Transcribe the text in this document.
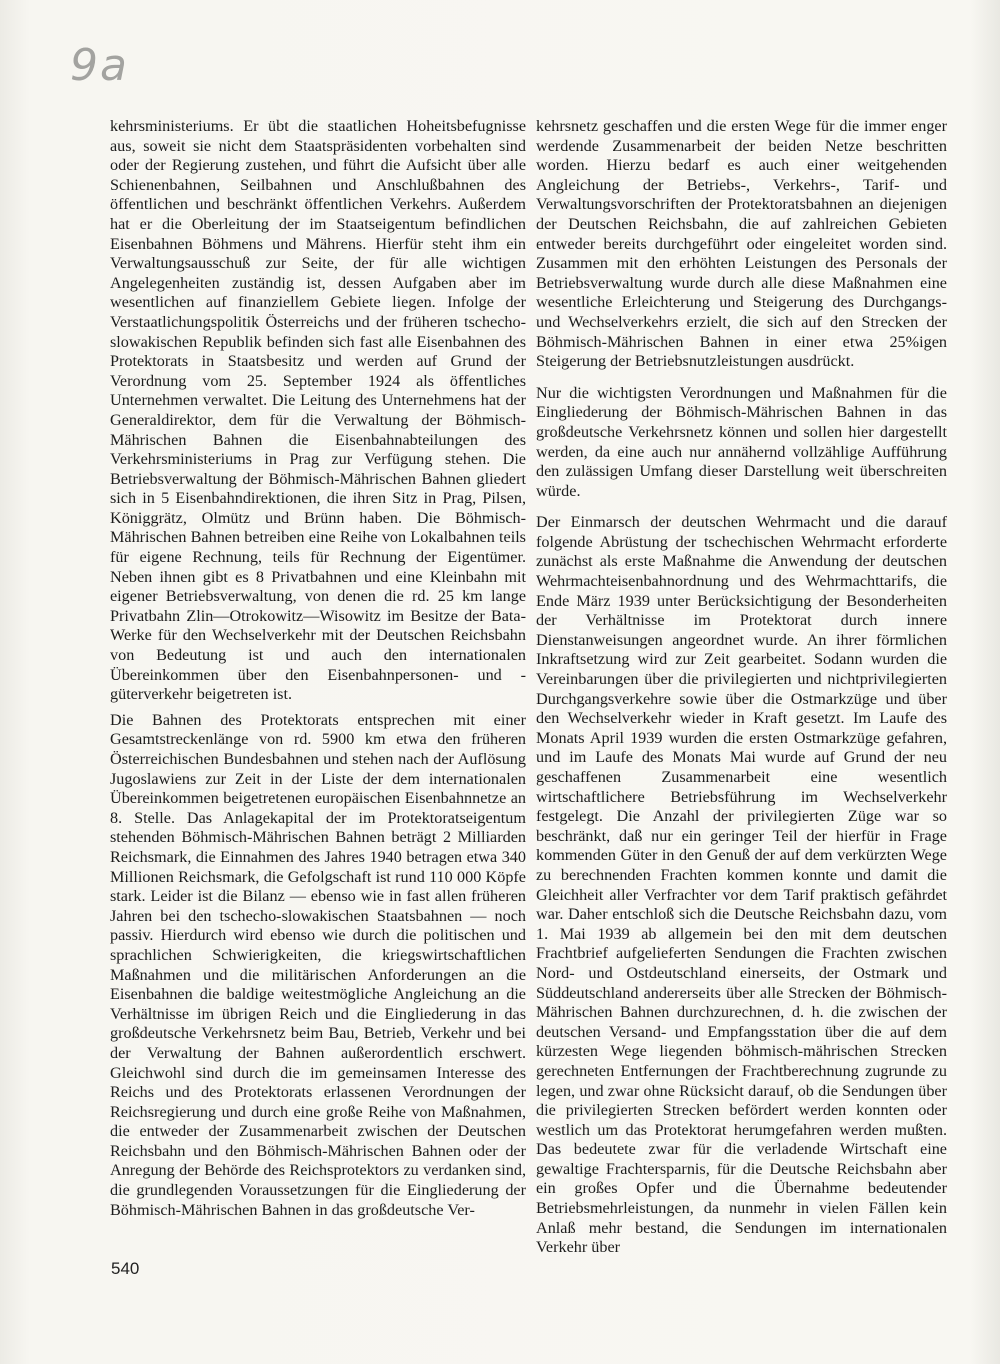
9a

kehrsministeriums. Er übt die staatlichen Hoheitsbefugnisse aus, soweit sie nicht dem Staatspräsidenten vorbehalten sind oder der Regierung zustehen, und führt die Aufsicht über alle Schienenbahnen, Seilbahnen und Anschlußbahnen des öffentlichen und beschränkt öffentlichen Verkehrs. Außerdem hat er die Oberleitung der im Staatseigentum befindlichen Eisenbahnen Böhmens und Mährens. Hierfür steht ihm ein Verwaltungsausschuß zur Seite, der für alle wichtigen Angelegenheiten zuständig ist, dessen Aufgaben aber im wesentlichen auf finanziellem Gebiete liegen. Infolge der Verstaatlichungspolitik Österreichs und der früheren tschecho-slowakischen Republik befinden sich fast alle Eisenbahnen des Protektorats in Staatsbesitz und werden auf Grund der Verordnung vom 25. September 1924 als öffentliches Unternehmen verwaltet. Die Leitung des Unternehmens hat der Generaldirektor, dem für die Verwaltung der Böhmisch-Mährischen Bahnen die Eisenbahnabteilungen des Verkehrsministeriums in Prag zur Verfügung stehen. Die Betriebsverwaltung der Böhmisch-Mährischen Bahnen gliedert sich in 5 Eisenbahndirektionen, die ihren Sitz in Prag, Pilsen, Königgrätz, Olmütz und Brünn haben. Die Böhmisch-Mährischen Bahnen betreiben eine Reihe von Lokalbahnen teils für eigene Rechnung, teils für Rechnung der Eigentümer. Neben ihnen gibt es 8 Privatbahnen und eine Kleinbahn mit eigener Betriebsverwaltung, von denen die rd. 25 km lange Privatbahn Zlin—Otrokowitz—Wisowitz im Besitze der Bata-Werke für den Wechselverkehr mit der Deutschen Reichsbahn von Bedeutung ist und auch den internationalen Übereinkommen über den Eisenbahnpersonen- und -güterverkehr beigetreten ist.

Die Bahnen des Protektorats entsprechen mit einer Gesamtstreckenlänge von rd. 5900 km etwa den früheren Österreichischen Bundesbahnen und stehen nach der Auflösung Jugoslawiens zur Zeit in der Liste der dem internationalen Übereinkommen beigetretenen europäischen Eisenbahnnetze an 8. Stelle. Das Anlagekapital der im Protektoratseigentum stehenden Böhmisch-Mährischen Bahnen beträgt 2 Milliarden Reichsmark, die Einnahmen des Jahres 1940 betragen etwa 340 Millionen Reichsmark, die Gefolgschaft ist rund 110 000 Köpfe stark. Leider ist die Bilanz — ebenso wie in fast allen früheren Jahren bei den tschecho-slowakischen Staatsbahnen — noch passiv. Hierdurch wird ebenso wie durch die politischen und sprachlichen Schwierigkeiten, die kriegswirtschaftlichen Maßnahmen und die militärischen Anforderungen an die Eisenbahnen die baldige weitestmögliche Angleichung an die Verhältnisse im übrigen Reich und die Eingliederung in das großdeutsche Verkehrsnetz beim Bau, Betrieb, Verkehr und bei der Verwaltung der Bahnen außerordentlich erschwert. Gleichwohl sind durch die im gemeinsamen Interesse des Reichs und des Protektorats erlassenen Verordnungen der Reichsregierung und durch eine große Reihe von Maßnahmen, die entweder der Zusammenarbeit zwischen der Deutschen Reichsbahn und den Böhmisch-Mährischen Bahnen oder der Anregung der Behörde des Reichsprotektors zu verdanken sind, die grundlegenden Voraussetzungen für die Eingliederung der Böhmisch-Mährischen Bahnen in das großdeutsche Ver-

kehrsnetz geschaffen und die ersten Wege für die immer enger werdende Zusammenarbeit der beiden Netze beschritten worden. Hierzu bedarf es auch einer weitgehenden Angleichung der Betriebs-, Verkehrs-, Tarif- und Verwaltungsvorschriften der Protektoratsbahnen an diejenigen der Deutschen Reichsbahn, die auf zahlreichen Gebieten entweder bereits durchgeführt oder eingeleitet worden sind. Zusammen mit den erhöhten Leistungen des Personals der Betriebsverwaltung wurde durch alle diese Maßnahmen eine wesentliche Erleichterung und Steigerung des Durchgangs- und Wechselverkehrs erzielt, die sich auf den Strecken der Böhmisch-Mährischen Bahnen in einer etwa 25%igen Steigerung der Betriebsnutzleistungen ausdrückt.

Nur die wichtigsten Verordnungen und Maßnahmen für die Eingliederung der Böhmisch-Mährischen Bahnen in das großdeutsche Verkehrsnetz können und sollen hier dargestellt werden, da eine auch nur annähernd vollzählige Aufführung den zulässigen Umfang dieser Darstellung weit überschreiten würde.

Der Einmarsch der deutschen Wehrmacht und die darauf folgende Abrüstung der tschechischen Wehrmacht erforderte zunächst als erste Maßnahme die Anwendung der deutschen Wehrmachteisenbahnordnung und des Wehrmachttarifs, die Ende März 1939 unter Berücksichtigung der Besonderheiten der Verhältnisse im Protektorat durch innere Dienstanweisungen angeordnet wurde. An ihrer förmlichen Inkraftsetzung wird zur Zeit gearbeitet. Sodann wurden die Vereinbarungen über die privilegierten und nichtprivilegierten Durchgangsverkehre sowie über die Ostmarkzüge und über den Wechselverkehr wieder in Kraft gesetzt. Im Laufe des Monats April 1939 wurden die ersten Ostmarkzüge gefahren, und im Laufe des Monats Mai wurde auf Grund der neu geschaffenen Zusammenarbeit eine wesentlich wirtschaftlichere Betriebsführung im Wechselverkehr festgelegt. Die Anzahl der privilegierten Züge war so beschränkt, daß nur ein geringer Teil der hierfür in Frage kommenden Güter in den Genuß der auf dem verkürzten Wege zu berechnenden Frachten kommen konnte und damit die Gleichheit aller Verfrachter vor dem Tarif praktisch gefährdet war. Daher entschloß sich die Deutsche Reichsbahn dazu, vom 1. Mai 1939 ab allgemein bei den mit dem deutschen Frachtbrief aufgelieferten Sendungen die Frachten zwischen Nord- und Ostdeutschland einerseits, der Ostmark und Süddeutschland andererseits über alle Strecken der Böhmisch-Mährischen Bahnen durchzurechnen, d. h. die zwischen der deutschen Versand- und Empfangsstation über die auf dem kürzesten Wege liegenden böhmisch-mährischen Strecken gerechneten Entfernungen der Frachtberechnung zugrunde zu legen, und zwar ohne Rücksicht darauf, ob die Sendungen über die privilegierten Strecken befördert werden konnten oder westlich um das Protektorat herumgefahren werden mußten. Das bedeutete zwar für die verladende Wirtschaft eine gewaltige Frachtersparnis, für die Deutsche Reichsbahn aber ein großes Opfer und die Übernahme bedeutender Betriebsmehrleistungen, da nunmehr in vielen Fällen kein Anlaß mehr bestand, die Sendungen im internationalen Verkehr über

540
